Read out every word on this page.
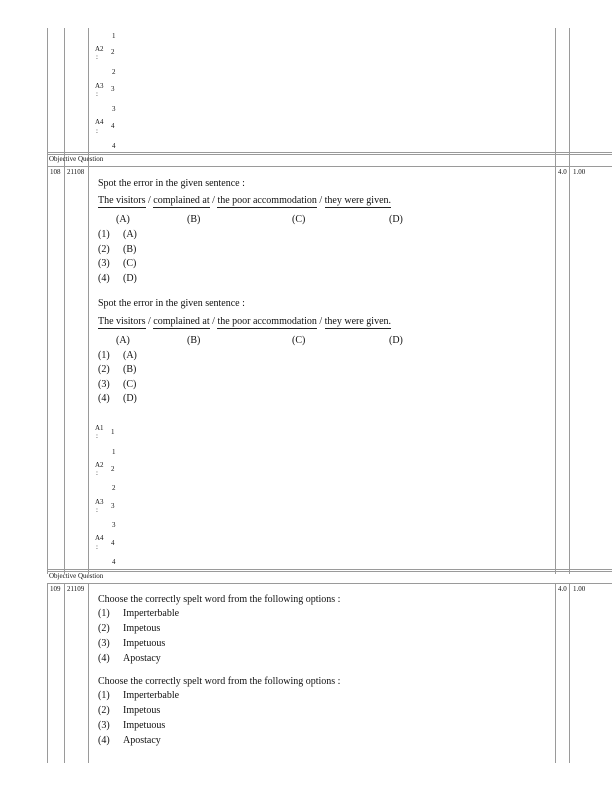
1
A2 2
:
2
A3 3
:
3
A4 4
:
4
Objective Question
108 21108	4.0 1.00
Spot the error in the given sentence :
The visitors / complained at / the poor accommodation / they were given.
(A)	(B)	(C)	(D)
(1) (A)
(2) (B)
(3) (C)
(4) (D)
Spot the error in the given sentence :
The visitors / complained at / the poor accommodation / they were given.
(A)	(B)	(C)	(D)
(1) (A)
(2) (B)
(3) (C)
(4) (D)
A1 1
:
1
A2 2
:
2
A3 3
:
3
A4
4
:
4
Objective Question
109 21109	4.0 1.00
Choose the correctly spelt word from the following options :
(1) Imperterbable
(2) Impetous
(3) Impetuous
(4) Apostacy
Choose the correctly spelt word from the following options :
(1) Imperterbable
(2) Impetous
(3) Impetuous
(4) Apostacy
